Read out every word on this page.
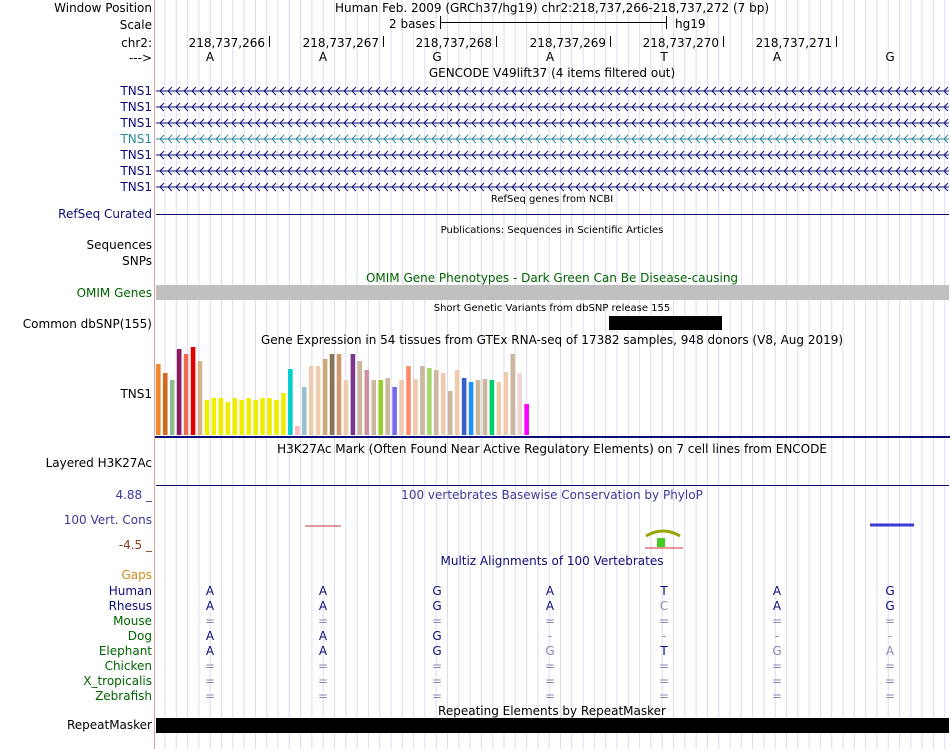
Window Position	Human Feb. 2009 (GRCh37/hg19) chr2:218,737,266-218,737,272 (7 bp)
Scale	2 bases	hg19
chr2:	218,737,266	218,737,267	218,737,268	218,737,269	218,737,270	218,737,271
--->	A	A	G	A	T	A	G
GENCODE V49lift37 (4 items filtered out)
TNS1
TNS1
TNS1
TNS1
TNS1
TNS1
TNS1
RefSeq genes from NCBI
RefSeq Curated
Publications: Sequences in Scientific Articles
Sequences
SNPs
OMIM Gene Phenotypes - Dark Green Can Be Disease-causing
OMIM Genes
Short Genetic Variants from dbSNP release 155
Common dbSNP(155)
Gene Expression in 54 tissues from GTEx RNA-seq of 17382 samples, 948 donors (V8, Aug 2019)
TNS1
H3K27Ac Mark (Often Found Near Active Regulatory Elements) on 7 cell lines from ENCODE
Layered H3K27Ac
100 vertebrates Basewise Conservation by PhyloP
4.88 _
100 Vert. Cons
-4.5 _
Multiz Alignments of 100 Vertebrates
Gaps
Human	A	A	G	A	T	A	G
Rhesus	A	A	G	A	C	A	G
Mouse	=	=	=	=	=	=	=
Dog	A	A	G	-	-	-	-
Elephant	A	A	G	G	T	G	A
Chicken	=	=	=	=	=	=	=
X_tropicalis	=	=	=	=	=	=	=
Zebrafish	=	=	=	=	=	=	=
Repeating Elements by RepeatMasker
RepeatMasker
